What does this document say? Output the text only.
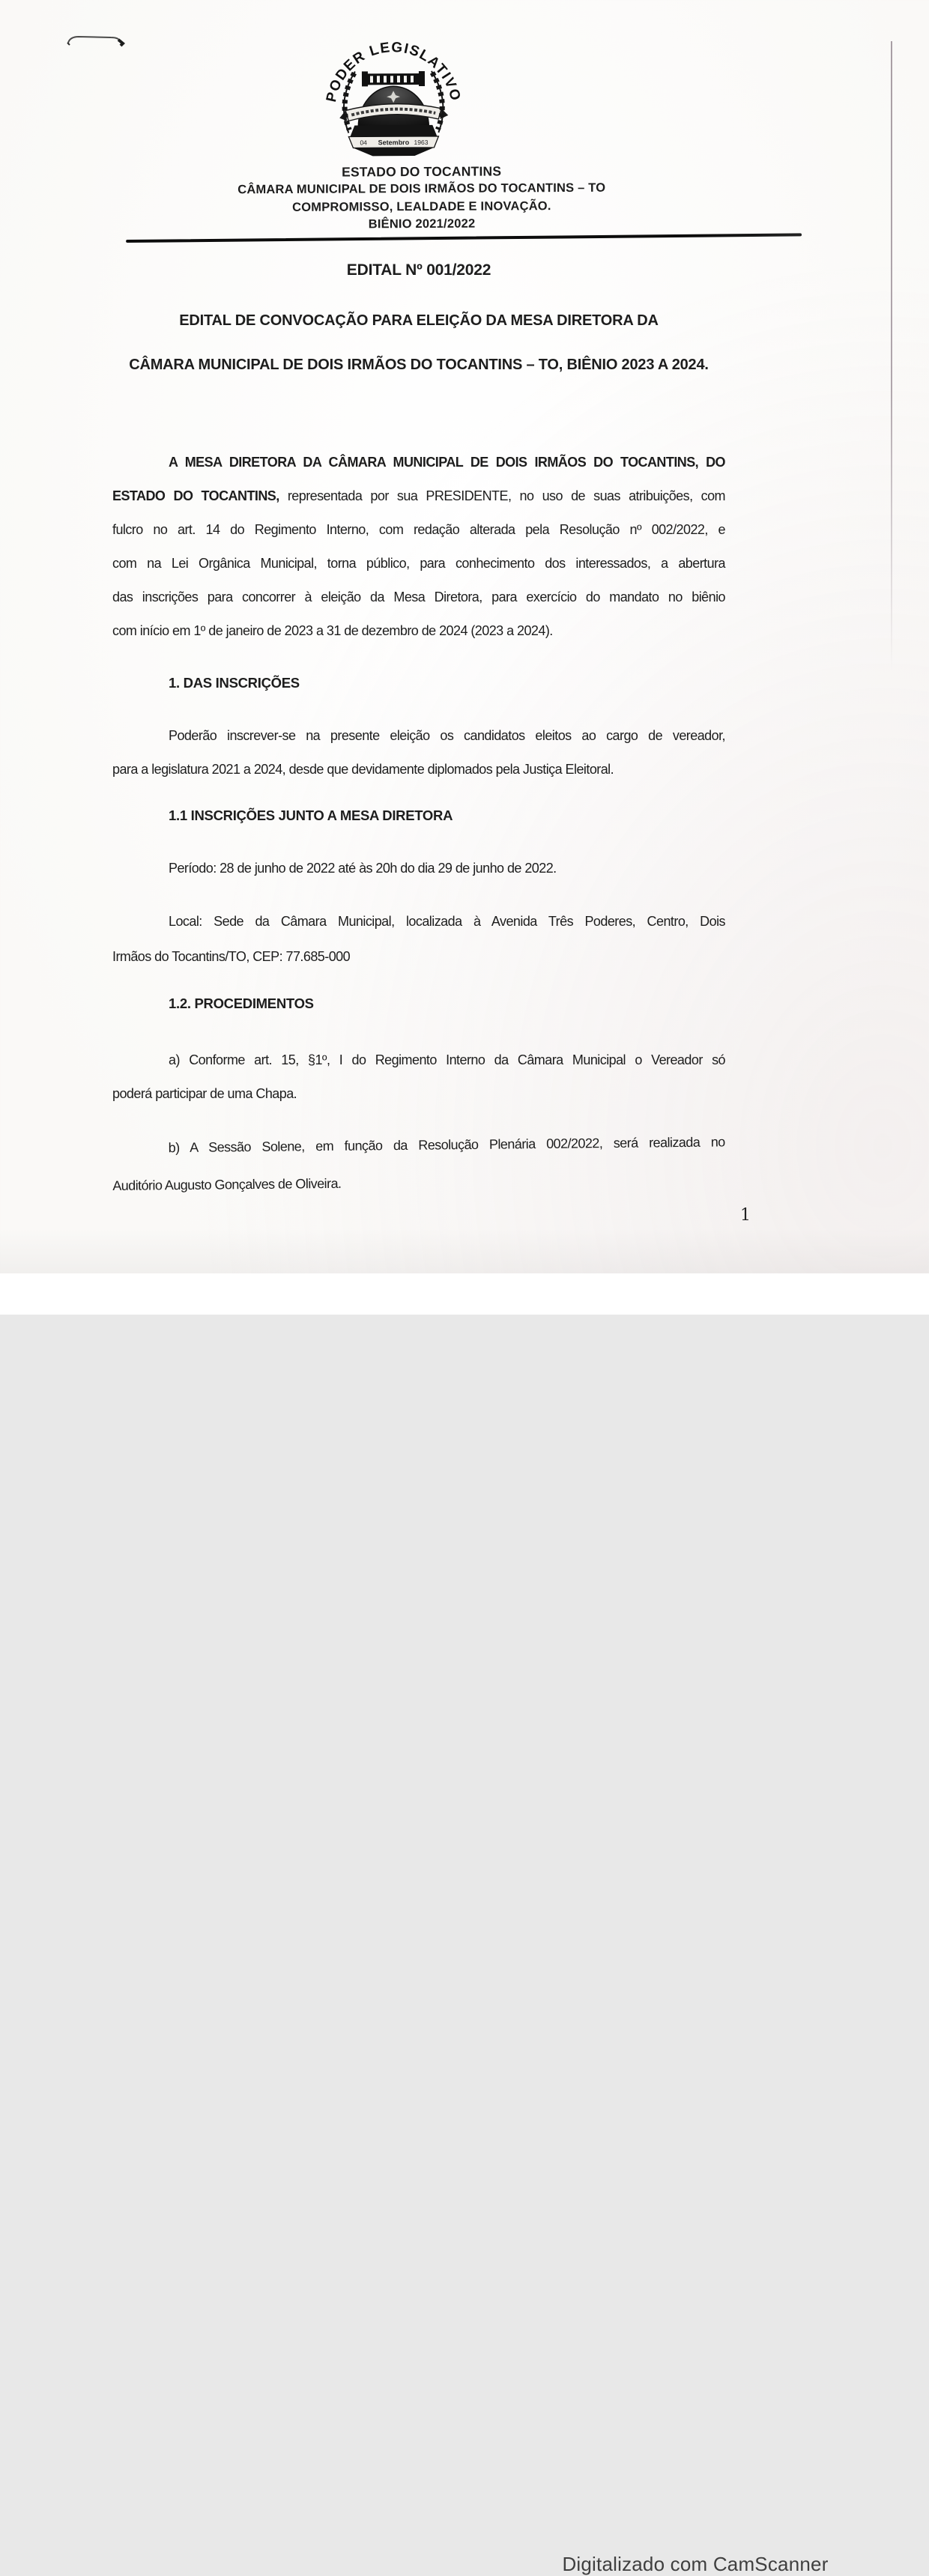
PODER LEGISLATIVO
04 Setembro 1963
ESTADO DO TOCANTINS
CÂMARA MUNICIPAL DE DOIS IRMÃOS DO TOCANTINS – TO
COMPROMISSO, LEALDADE E INOVAÇÃO.
BIÊNIO 2021/2022
EDITAL Nº 001/2022
EDITAL DE CONVOCAÇÃO PARA ELEIÇÃO DA MESA DIRETORA DA
CÂMARA MUNICIPAL DE DOIS IRMÃOS DO TOCANTINS – TO, BIÊNIO 2023 A 2024.
A MESA DIRETORA DA CÂMARA MUNICIPAL DE DOIS IRMÃOS DO TOCANTINS, DO
ESTADO DO TOCANTINS, representada por sua PRESIDENTE, no uso de suas atribuições, com
fulcro no art. 14 do Regimento Interno, com redação alterada pela Resolução nº 002/2022, e
com na Lei Orgânica Municipal, torna público, para conhecimento dos interessados, a abertura
das inscrições para concorrer à eleição da Mesa Diretora, para exercício do mandato no biênio
com início em 1º de janeiro de 2023 a 31 de dezembro de 2024 (2023 a 2024).
1. DAS INSCRIÇÕES
Poderão inscrever-se na presente eleição os candidatos eleitos ao cargo de vereador,
para a legislatura 2021 a 2024, desde que devidamente diplomados pela Justiça Eleitoral.
1.1 INSCRIÇÕES JUNTO A MESA DIRETORA
Período: 28 de junho de 2022 até às 20h do dia 29 de junho de 2022.
Local: Sede da Câmara Municipal, localizada à Avenida Três Poderes, Centro, Dois
Irmãos do Tocantins/TO, CEP: 77.685-000
1.2. PROCEDIMENTOS
a) Conforme art. 15, §1º, I do Regimento Interno da Câmara Municipal o Vereador só
poderá participar de uma Chapa.
b) A Sessão Solene, em função da Resolução Plenária 002/2022, será realizada no
Auditório Augusto Gonçalves de Oliveira.
1
Digitalizado com CamScanner
